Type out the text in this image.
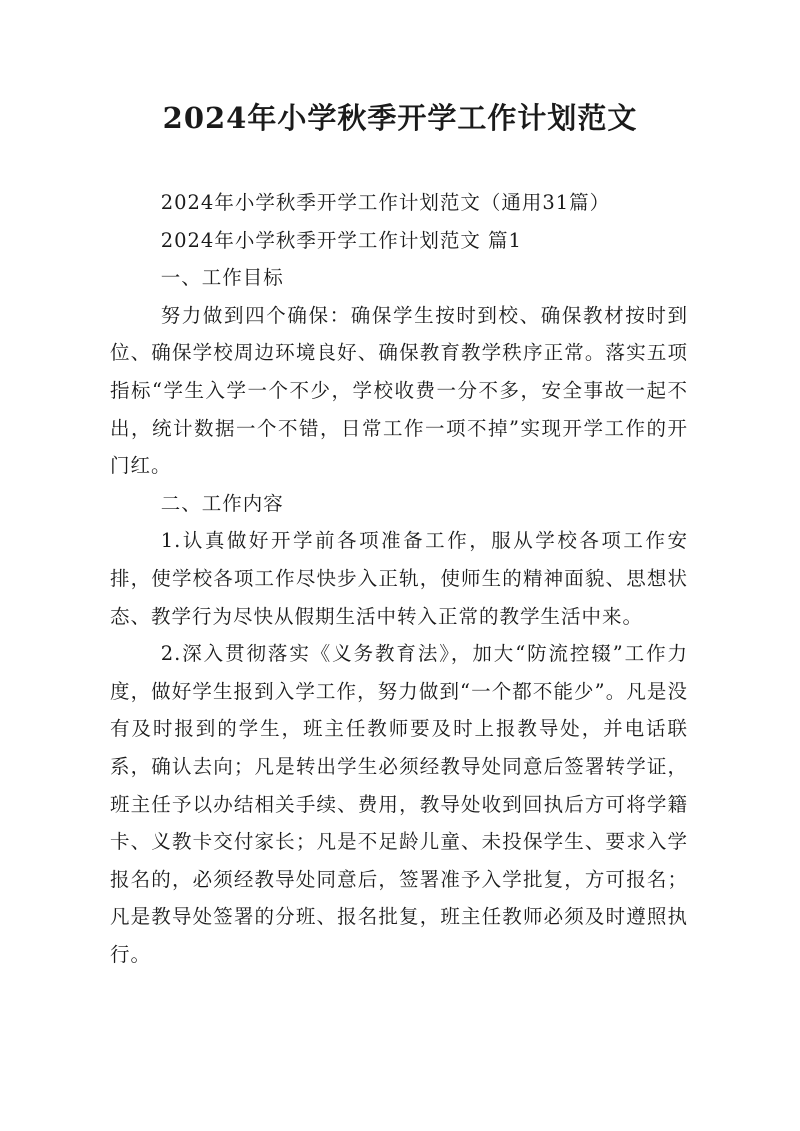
2024年小学秋季开学工作计划范文

2024年小学秋季开学工作计划范文（通用31篇）

2024年小学秋季开学工作计划范文 篇1

一、工作目标

努力做到四个确保：确保学生按时到校、确保教材按时到位、确保学校周边环境良好、确保教育教学秩序正常。落实五项指标“学生入学一个不少，学校收费一分不多，安全事故一起不出，统计数据一个不错，日常工作一项不掉”实现开学工作的开门红。

二、工作内容

1.认真做好开学前各项准备工作，服从学校各项工作安排，使学校各项工作尽快步入正轨，使师生的精神面貌、思想状态、教学行为尽快从假期生活中转入正常的教学生活中来。

2.深入贯彻落实《义务教育法》，加大“防流控辍”工作力度，做好学生报到入学工作，努力做到“一个都不能少”。凡是没有及时报到的学生，班主任教师要及时上报教导处，并电话联系，确认去向；凡是转出学生必须经教导处同意后签署转学证，班主任予以办结相关手续、费用，教导处收到回执后方可将学籍卡、义教卡交付家长；凡是不足龄儿童、未投保学生、要求入学报名的，必须经教导处同意后，签署准予入学批复，方可报名；凡是教导处签署的分班、报名批复，班主任教师必须及时遵照执行。
